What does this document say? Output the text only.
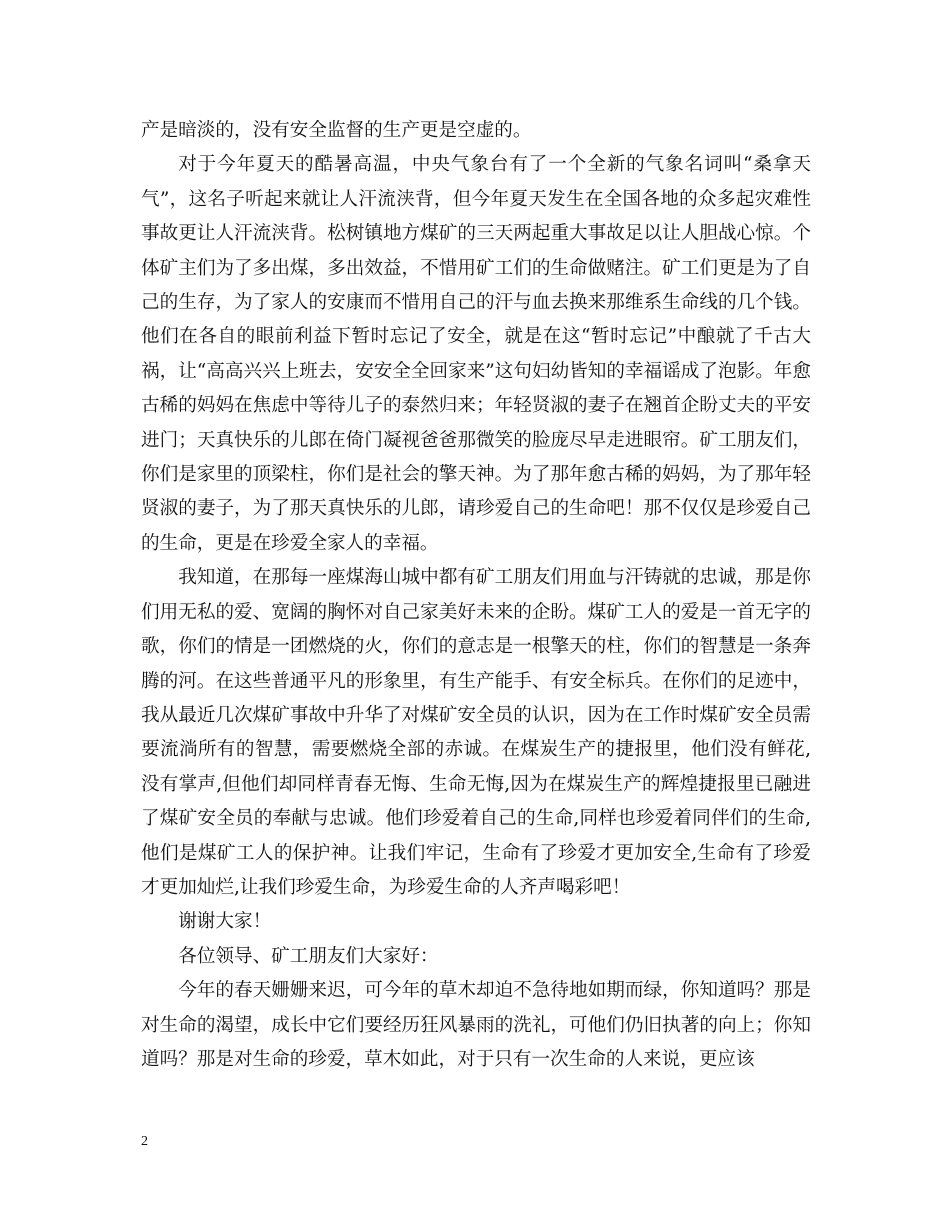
产是暗淡的，没有安全监督的生产更是空虚的。

对于今年夏天的酷暑高温，中央气象台有了一个全新的气象名词叫“桑拿天气”，这名子听起来就让人汗流浃背，但今年夏天发生在全国各地的众多起灾难性事故更让人汗流浃背。松树镇地方煤矿的三天两起重大事故足以让人胆战心惊。个体矿主们为了多出煤，多出效益，不惜用矿工们的生命做赌注。矿工们更是为了自己的生存，为了家人的安康而不惜用自己的汗与血去换来那维系生命线的几个钱。他们在各自的眼前利益下暂时忘记了安全，就是在这“暂时忘记”中酿就了千古大祸，让“高高兴兴上班去，安安全全回家来”这句妇幼皆知的幸福谣成了泡影。年愈古稀的妈妈在焦虑中等待儿子的泰然归来；年轻贤淑的妻子在翘首企盼丈夫的平安进门；天真快乐的儿郎在倚门凝视爸爸那微笑的脸庞尽早走进眼帘。矿工朋友们，你们是家里的顶梁柱，你们是社会的擎天神。为了那年愈古稀的妈妈，为了那年轻贤淑的妻子，为了那天真快乐的儿郎，请珍爱自己的生命吧！那不仅仅是珍爱自己的生命，更是在珍爱全家人的幸福。

我知道，在那每一座煤海山城中都有矿工朋友们用血与汗铸就的忠诚，那是你们用无私的爱、宽阔的胸怀对自己家美好未来的企盼。煤矿工人的爱是一首无字的歌，你们的情是一团燃烧的火，你们的意志是一根擎天的柱，你们的智慧是一条奔腾的河。在这些普通平凡的形象里，有生产能手、有安全标兵。在你们的足迹中，我从最近几次煤矿事故中升华了对煤矿安全员的认识，因为在工作时煤矿安全员需要流淌所有的智慧，需要燃烧全部的赤诚。在煤炭生产的捷报里，他们没有鲜花,没有掌声,但他们却同样青春无悔、生命无悔,因为在煤炭生产的辉煌捷报里已融进了煤矿安全员的奉献与忠诚。他们珍爱着自己的生命,同样也珍爱着同伴们的生命,他们是煤矿工人的保护神。让我们牢记，生命有了珍爱才更加安全,生命有了珍爱才更加灿烂,让我们珍爱生命，为珍爱生命的人齐声喝彩吧！

谢谢大家！

各位领导、矿工朋友们大家好：

今年的春天姗姗来迟，可今年的草木却迫不急待地如期而绿，你知道吗？那是对生命的渴望，成长中它们要经历狂风暴雨的洗礼，可他们仍旧执著的向上；你知道吗？那是对生命的珍爱，草木如此，对于只有一次生命的人来说，更应该

2
